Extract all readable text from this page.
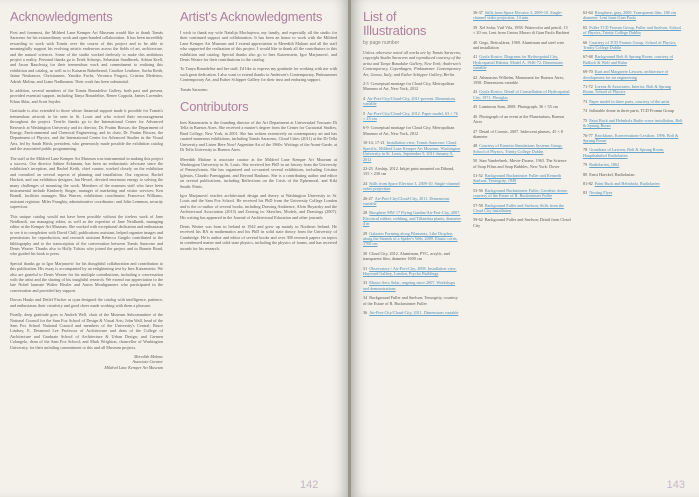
Acknowledgments

First and foremost, the Mildred Lane Kemper Art Museum would like to thank Tomás Saraceno for his extraordinary work and open-handed collaboration. It has been incredibly rewarding to work with Tomás over the course of this project and to be able to meaningfully support his evolving artistic endeavors across the fields of art, architecture, and the natural sciences. Some of the studio worked tirelessly to make this ambitious project a reality. Personal thanks go to Eriek Schoeps, Sebastian Sandbroek, Adrian Krell, and Jason Rauchwig for their tremendous work and commitment to realizing this exhibition and catalog, as well as to Kaisarm Bahrebrand, Caroline Leuthner, Sacha Reith, Jaime Neuhauser, Christiansen, Yamiko Fuchs, Veronica Fragosi, Cristina Medeiros, Adrish Molina, and Liane Nadhmann. Their work has been substantial.

In addition, several members of the Tomás Bonadelise Gallery, both past and present, provided essential support, including Tanya Bonadelise, Renee Coppola, James Lavender, Ethan Sklar, and Scott Snyder.

Gratitude is also extended to those whose financial support made it possible for Tomás's tremendous artwork to be seen in St. Louis and who voiced their encouragement throughout the project. Terrific thanks go to the International Center for Advanced Research at Washington University and its director, Dr. Pratim Biswas; the Department of Energy, Environmental and Chemical Engineering, and its chair, Dr. Pratim Biswas; the Department of Physics; and the International Center for Advanced Studies in the Visual Arts, led by Sarah Hirsh, president, who generously made possible the exhibition catalog and the associated public programming.

The staff at the Mildred Lane Kemper Art Museum was instrumental in making this project a success. Our director Sabine Eckmann, has been an enthusiastic advocate since the exhibition's inception, and Rachel Keith, chief curator, worked closely on the exhibition and consulted on several aspects of planning and installation. Our registrar, Rachel Hackett, and our exhibition designer, Jan Hessel, devoted enormous energy to solving the many challenges of mounting the work. Members of the museum staff who have been instrumental include Kimberly Singer, manager of marketing and visitor services; Ken Brandl, facilities manager; Rita Warren, exhibitions coordinator; Francesca Williams, assistant registrar; Miles Fraughty, administrative coordinator; and Jolin Lemmon, security supervisor.

This unique catalog would not have been possible without the tireless work of Jane Neidhardt, our managing editor, as well as the expertise of Jane Neidhardt, managing editor at the Kemper Art Museum. She worked with exceptional dedication and enthusiasm to see it to completion with David Chill, publications assistant, helped organize images and permissions for reproduction, and research assistant Rebecca Gargilo contributed to the bibliography and to the transcription of the conversation between Tomás Saraceno and Denis Weaire. Thanks also to Holly Tulsiss who joined the project and to Bonnie Bond, who guided his book to press.

Special thanks go to Igor Marjanović for his thoughtful collaboration and contribution to this publication. His essay is accompanied by an enlightening text by Ines Katzenstein. We also are grateful to Denis Weaire for his multiple contributions, including a conversation with the artist and the sharing of his insightful research. We extend our appreciation to the late Nobel laureate Walter Hissler and Aaron Moultgunners who participated in the conversation and provided key support.

Dorcas Hauks and Detlef Fischer at cyan designed the catalog with intelligence, patience, and enthusiasm; their creativity and good cheer made working with them a pleasure.

Finally, deep gratitude goes to Andreh Well, chair of the Museum Subcommittee of the National Council for the Sam Fox School of Design & Visual Arts; John Wall, head of the Sam Fox School National Council and members of the University's Central; Bruce Lindsey, E. Desmond Lee Professor of Architecture and dean of the College of Architecture and Graduate School of Architecture & Urban Design; and Carmen Colangelo, dean of the Sam Fox School; and Mark Wrighton, chancellor of Washington University, for their unfailing commitment to this and all Museum projects.

Meredith Malone

Associate Curator

Mildred Lane Kemper Art Museum

Artist's Acknowledgments

I wish to thank my wife Natalija Mochajewa, my family, and especially all the studio for their continued support and collaboration. It has been an honor to work with the Mildred Lane Kemper Art Museum and I extend appreciation to Meredith Malone and all the staff who supported the realization of this project. I would like to thank all the contributors to this exhibition and catalog. Special thanks also go to Ines Katzenstein, Igor Marjanović, and Denis Weaire for their contributions to the catalog.

To Tanya Bonadelise and her staff, I'd like to express my gratitude for working with me with such great dedication. I also want to extend thanks to Andersen's Contemporary, Pinksummer Contemporary Art, and Esther Schipper Gallery for their trust and enduring support.

Tomás Saraceno

Contributors

Ines Katzenstein is the founding director of the Art Department at Universidad Torcuato Di Tella in Buenos Aires. She received a master's degree from the Center for Curatorial Studies, Bard College, New York, in 2001. She has written extensively on contemporary art and has curated numerous exhibitions, including Tomás Saraceno, Cloud Cities (2011) at the Di Tella University and Listen Here Now! Argentine Art of the 1960s: Writings of the Avant-Garde, at Di Tella University in Buenos Aires.

Meredith Malone is associate curator at the Mildred Lane Kemper Art Museum at Washington University in St. Louis. She received her PhD in art history from the University of Pennsylvania. She has organized and co-curated several exhibitions, including Cristina Iglesias, Claudio Parmiggiani, and Beyond Bauhaus. She is a contributing author and editor on several publications, including Reflections on the Crisis of the Ephemeral, and Kiki Smith: Prints.

Igor Marjanović teaches architectural design and theory at Washington University in St. Louis and the Sam Fox School. He received his PhD from the University College London and is the co-author of several books, including Drawing Ambience, Alvin Boyarsky and the Architectural Association (2015) and Zeroing in: Sketches, Models, and Drawings (2007). His writing has appeared in the Journal of Architectural Education and other journals.

Denis Weaire was born in Ireland in 1942 and grew up mainly in Northern Ireland. He received his BA in mathematics and his PhD in solid state theory from the University of Cambridge. He is author and editor of several books and over 300 research papers on topics in condensed matter and solid state physics, including the physics of foams, and has received awards for his research.

142
List of Illustrations
by page number

Unless otherwise noted all works are by Tomás Saraceno, copyright Studio Saraceno and reproduced courtesy of the artist and Tanya Bonakdar Gallery, New York; Andersen's Contemporary, Copenhagen; Pinksummer Contemporary Art, Genoa, Italy; and Esther Schipper Gallery, Berlin.

2-3 Conceptual montage for Cloud City, Metropolitan Museum of Art, New York, 2012
4 Air-Port-City/Cloud-City, 2011-present. Dimensions variable
5 Air-Port-City/Cloud-City, 2012. Paper model, 63 × 76 × 23 cm
6-9 Conceptual montage for Cloud City, Metropolitan Museum of Art, New York, 2012
10-14, 17-21 Installation view, Tomás Saraceno: Cloud Specific, Mildred Lane Kemper Art Museum, Washington University in St. Louis, September 9, 2011-January 9, 2012
22-23 Airship, 2012. Inkjet print mounted on Dibond, 155 × 230 cm
24 Stills from Space Elevator 3, 2009-10. Single-channel video projection
26-27 Air-Port-City/Cloud-City, 2011. Dimensions variable
28 Biosphere MW 17 Flying Garden/Air-Port-City, 2007. Electrical rubber, webbing, and Tillandsia plants, diameter 4 m
29 Galaxies Forming along Filaments, Like Droplets along the Strands of a Spider's Web, 2009. Elastic cords, 1700 cm
30 Cloud City, 2012. Aluminum, PVC, acrylic, and transparent film, diameter 1600 cm
31 Observatory / Air-Port-City, 2008. Installation view, Hayward Gallery, London, Psycho Buildings
33 Museo Aero Solar, ongoing since 2007. Workshops and demonstrations
34 Background Fuller and Snelson; Tensegrity, courtesy of the Estate of R. Buckminster Fuller
36 Air-Port-City/Cloud-City, 2011. Dimensions variable
36-37 Stills from Space Elevator 3, 2009-10. Single-channel video projection, 14 min
39 Xel Solar, Vuil Vila, 1958. Watercolor and pencil, 15 × 20 cm. Lent from Centro Museo di Gian Paolo Barbieri
40 Gego, Reticulárea, 1969. Aluminum and steel wire and installation
41 Gyula Kosice, Diagrams for Hydrospatial City, Hydrospatial Habitat, Model A, 1946-72. Dimensions variable
42 Athanasius Wilhelm, Monument for Buenos Aires, 1958. Dimensions variable
43 Gyula Kosice, Detail of Constellation of Hydrospatial City, 1971. Plexiglas
45 Luminous Sum, 2008. Photograph, 36 × 55 cm
46 Photograph of an event at the Planetarium, Buenos Aires
47 Detail of Cosmic, 2007. Iridescent plumes, 45 × 8 diameter
48 Courtesy of Einstein Simulations Systems Group, School of Physics, Trinity College Dublin
50 Stan Vanderbeek, Movie-Drome, 1963. The Science of Soap Films and Soap Bubbles, New York: Dover
51-52 Background Buckminster Fuller and Kenneth Snelson; Tensegrity, 1949
53-56 Background Buckminster Fuller, Geodesic dome, courtesy of the Estate of R. Buckminster Fuller
57-58 Background Fuller and Snelson; Stills from the Cloud City installation
59-62 Background Fuller and Snelson; Detail from Cloud City
63-64 Biosphere, gray, 2009. Transparent film, 180 cm diameter. Lent from Gian Paolo
65 Fuller TCD Fromm Group, Fuller and Snelson, School of Physics, Trinity College Dublin
66 Courtesy of TCD Fromm Group, School of Physics, Trinity College Dublin
67-68 Background Bolt & Sprung Room, courtesy of Bullock & Wolf and Rahn
69-70 Kurt and Margarete Lawsen, architecture of development for air engineering
71-72 Lorenz & Associates, Interior, Bolt & Sprung Room, School of Physics
73 Paper model in three parts, courtesy of the artist
74 Inflatable dome in three parts, TCD Fromm Group
75 Paint Buck and Helmholz Radio-wave installation, Bolt & Sprung Room
76-77 Brockhaus, Konversations-Lexikon, 1896. Bolt & Sprung Room
78 Grundsatz of Lawsen, Bolt & Sprung Room, Hauptbahnhof Radiolarien
79 Radiolarien, 1862
80 Ernst Haeckel, Radiolarian
81-82 Paint Buck and Helmholz, Radiolarien
83 Nesting Flyer
143
